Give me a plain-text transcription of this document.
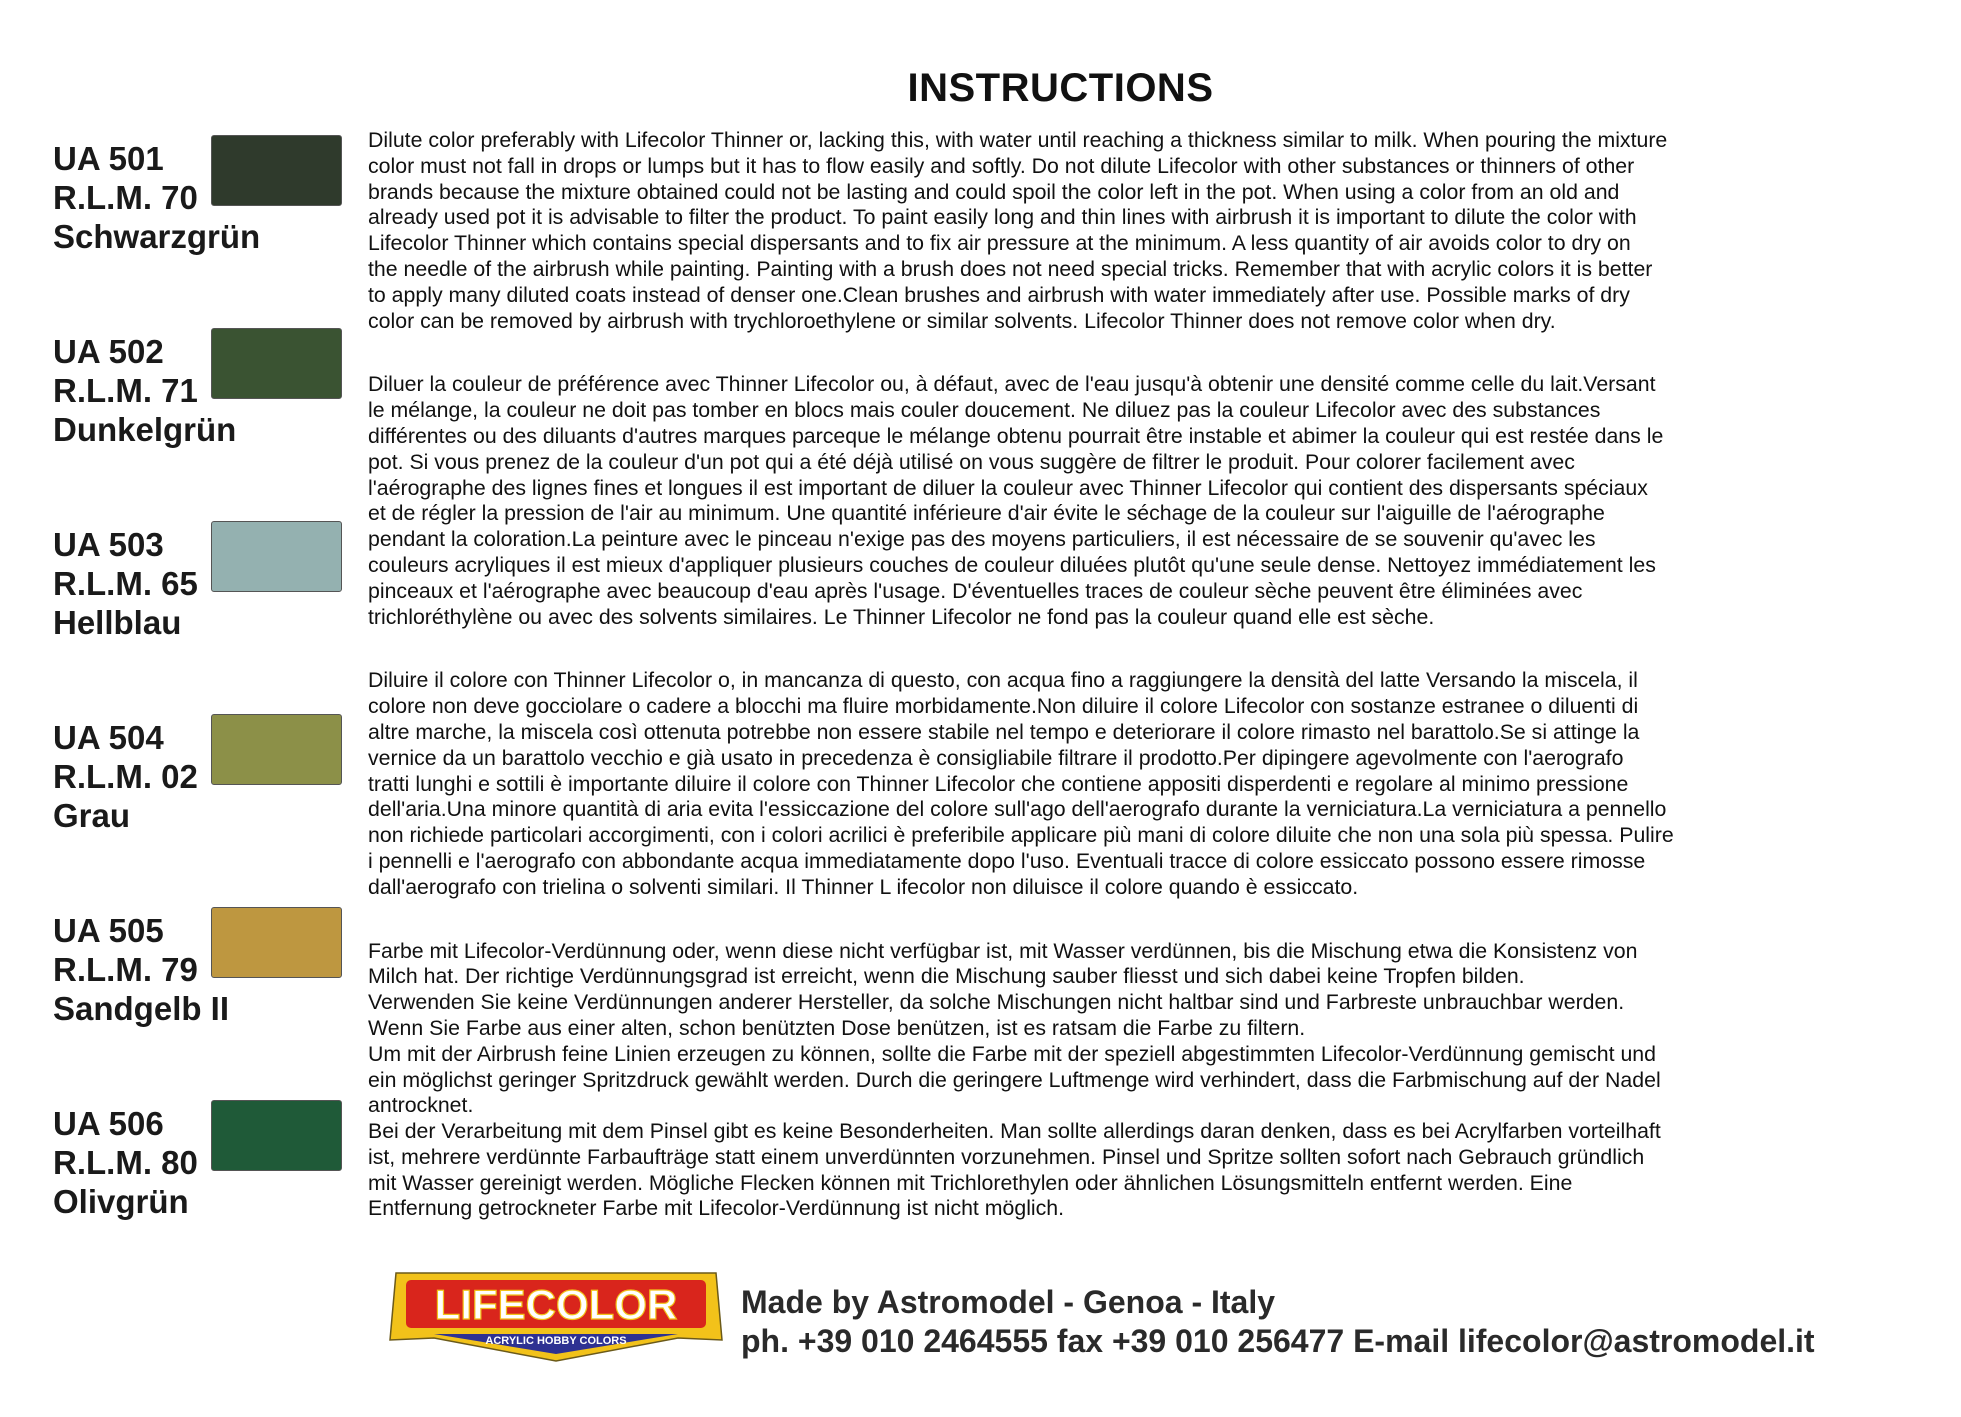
INSTRUCTIONS
UA 501
R.L.M. 70
Schwarzgrün
UA 502
R.L.M. 71
Dunkelgrün
UA 503
R.L.M. 65
Hellblau
UA 504
R.L.M. 02
Grau
UA 505
R.L.M. 79
Sandgelb II
UA 506
R.L.M. 80
Olivgrün

Dilute color preferably with Lifecolor Thinner or, lacking this, with water until reaching a thickness similar to milk. When pouring the mixture
color must not fall in drops or lumps but it has to flow easily and softly. Do not dilute Lifecolor with other substances or thinners of other
brands because the mixture obtained could not be lasting and could spoil the color left in the pot. When using a color from an old and
already used pot it is advisable to filter the product. To paint easily long and thin lines with airbrush it is important to dilute the color with
Lifecolor Thinner which contains special dispersants and to fix air pressure at the minimum. A less quantity of air avoids color to dry on
the needle of the airbrush while painting. Painting with a brush does not need special tricks. Remember that with acrylic colors it is better
to apply many diluted coats instead of denser one.Clean brushes and airbrush with water immediately after use. Possible marks of dry
color can be removed by airbrush with trychloroethylene or similar solvents. Lifecolor Thinner does not remove color when dry.

Diluer la couleur de préférence avec Thinner Lifecolor ou, à défaut, avec de l'eau jusqu'à obtenir une densité comme celle du lait.Versant
le mélange, la couleur ne doit pas tomber en blocs mais couler doucement. Ne diluez pas la couleur Lifecolor avec des substances
différentes ou des diluants d'autres marques parceque le mélange obtenu pourrait être instable et abimer la couleur qui est restée dans le
pot. Si vous prenez de la couleur d'un pot qui a été déjà utilisé on vous suggère de filtrer le produit. Pour colorer facilement avec
l'aérographe des lignes fines et longues il est important de diluer la couleur avec Thinner Lifecolor qui contient des dispersants spéciaux
et de régler la pression de l'air au minimum. Une quantité inférieure d'air évite le séchage de la couleur sur l'aiguille de l'aérographe
pendant la coloration.La peinture avec le pinceau n'exige pas des moyens particuliers, il est nécessaire de se souvenir qu'avec les
couleurs acryliques il est mieux d'appliquer plusieurs couches de couleur diluées plutôt qu'une seule dense. Nettoyez immédiatement les
pinceaux et l'aérographe avec beaucoup d'eau après l'usage. D'éventuelles traces de couleur sèche peuvent être éliminées avec
trichloréthylène ou avec des solvents similaires. Le Thinner Lifecolor ne fond pas la couleur quand elle est sèche.

Diluire il colore con Thinner Lifecolor o, in mancanza di questo, con acqua fino a raggiungere la densità del latte Versando la miscela, il
colore non deve gocciolare o cadere a blocchi ma fluire morbidamente.Non diluire il colore Lifecolor con sostanze estranee o diluenti di
altre marche, la miscela così ottenuta potrebbe non essere stabile nel tempo e deteriorare il colore rimasto nel barattolo.Se si attinge la
vernice da un barattolo vecchio e già usato in precedenza è consigliabile filtrare il prodotto.Per dipingere agevolmente con l'aerografo
tratti lunghi e sottili è importante diluire il colore con Thinner Lifecolor che contiene appositi disperdenti e regolare al minimo pressione
dell'aria.Una minore quantità di aria evita l'essiccazione del colore sull'ago dell'aerografo durante la verniciatura.La verniciatura a pennello
non richiede particolari accorgimenti, con i colori acrilici è preferibile applicare più mani di colore diluite che non una sola più spessa. Pulire
i pennelli e l'aerografo con abbondante acqua immediatamente dopo l'uso. Eventuali tracce di colore essiccato possono essere rimosse
dall'aerografo con trielina o solventi similari. Il Thinner L ifecolor non diluisce il colore quando è essiccato.

Farbe mit Lifecolor-Verdünnung oder, wenn diese nicht verfügbar ist, mit Wasser verdünnen, bis die Mischung etwa die Konsistenz von
Milch hat. Der richtige Verdünnungsgrad ist erreicht, wenn die Mischung sauber fliesst und sich dabei keine Tropfen bilden.
Verwenden Sie keine Verdünnungen anderer Hersteller, da solche Mischungen nicht haltbar sind und Farbreste unbrauchbar werden.
Wenn Sie Farbe aus einer alten, schon benützten Dose benützen, ist es ratsam die Farbe zu filtern.
Um mit der Airbrush feine Linien erzeugen zu können, sollte die Farbe mit der speziell abgestimmten Lifecolor-Verdünnung gemischt und
ein möglichst geringer Spritzdruck gewählt werden. Durch die geringere Luftmenge wird verhindert, dass die Farbmischung auf der Nadel
antrocknet.
Bei der Verarbeitung mit dem Pinsel gibt es keine Besonderheiten. Man sollte allerdings daran denken, dass es bei Acrylfarben vorteilhaft
ist, mehrere verdünnte Farbaufträge statt einem unverdünnten vorzunehmen. Pinsel und Spritze sollten sofort nach Gebrauch gründlich
mit Wasser gereinigt werden. Mögliche Flecken können mit Trichlorethylen oder ähnlichen Lösungsmitteln entfernt werden. Eine
Entfernung getrockneter Farbe mit Lifecolor-Verdünnung ist nicht möglich.

LIFECOLOR
ACRYLIC HOBBY COLORS
Made by Astromodel - Genoa - Italy
ph. +39 010 2464555 fax +39 010 256477 E-mail lifecolor@astromodel.it
